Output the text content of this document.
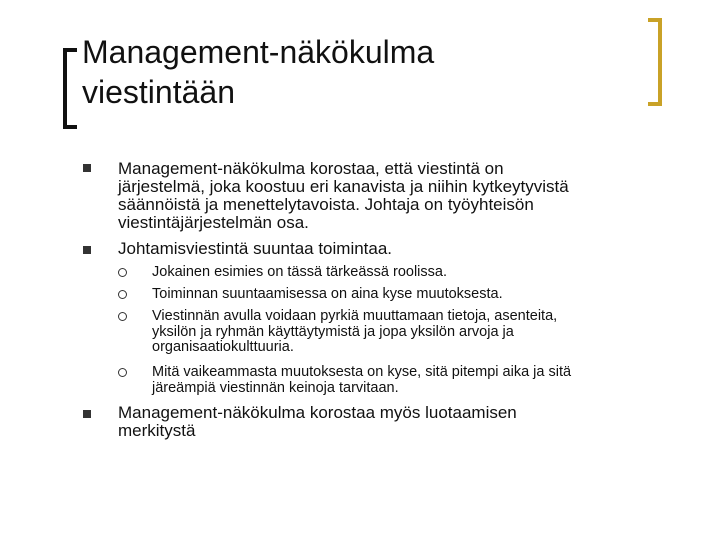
Management-näkökulma
viestintään
Management-näkökulma korostaa, että viestintä on
järjestelmä, joka koostuu eri kanavista ja niihin kytkeytyvistä
säännöistä ja menettelytavoista. Johtaja on työyhteisön
viestintäjärjestelmän osa.
Johtamisviestintä suuntaa toimintaa.
Jokainen esimies on tässä tärkeässä roolissa.
Toiminnan suuntaamisessa on aina kyse muutoksesta.
Viestinnän avulla voidaan pyrkiä muuttamaan tietoja, asenteita,
yksilön ja ryhmän käyttäytymistä ja jopa yksilön arvoja ja
organisaatiokulttuuria.
Mitä vaikeammasta muutoksesta on kyse, sitä pitempi aika ja sitä
järeämpiä viestinnän keinoja tarvitaan.
Management-näkökulma korostaa myös luotaamisen
merkitystä
